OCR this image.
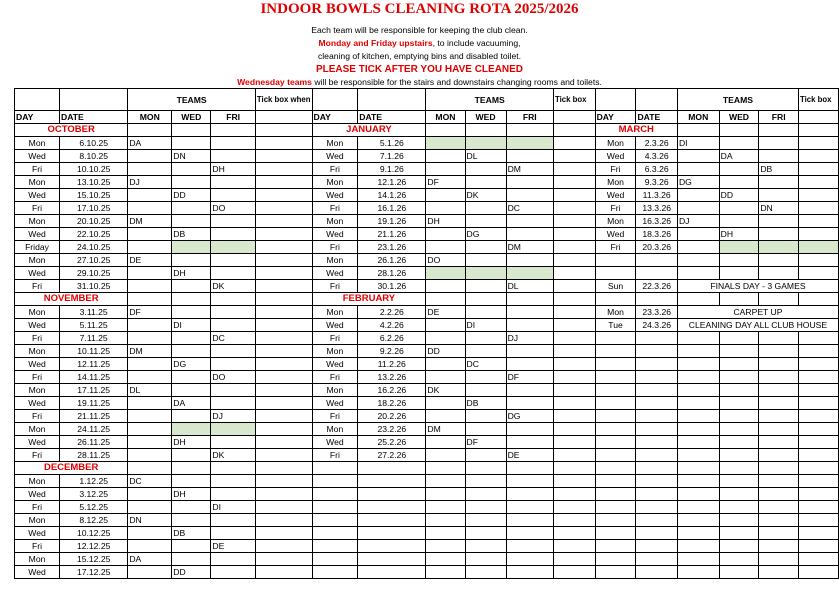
INDOOR BOWLS CLEANING ROTA 2025/2026
Each team will be responsible for keeping the club clean.
Monday and Friday upstairs, to include vacuuming,
cleaning of kitchen, emptying bins and disabled toilet.
PLEASE TICK AFTER YOU HAVE CLEANED
Wednesday teams will be responsible for the stairs and downstairs changing rooms and toilets.
		TEAMS			Tick box when			TEAMS			Tick box			TEAMS			Tick box
DAY	DATE	MON	WED	FRI		DAY	DATE	MON	WED	FRI		DAY	DATE	MON	WED	FRI	
OCTOBER						JANUARY						MARCH					
Mon	6.10.25	DA				Mon	5.1.26					Mon	2.3.26	DI			
Wed	8.10.25		DN			Wed	7.1.26		DL			Wed	4.3.26		DA		
Fri	10.10.25			DH		Fri	9.1.26			DM		Fri	6.3.26			DB	
Mon	13.10.25	DJ				Mon	12.1.26	DF				Mon	9.3.26	DG			
Wed	15.10.25		DD			Wed	14.1.26		DK			Wed	11.3.26		DD		
Fri	17.10.25			DO		Fri	16.1.26			DC		Fri	13.3.26			DN	
Mon	20.10.25	DM				Mon	19.1.26	DH				Mon	16.3.26	DJ			
Wed	22.10.25		DB			Wed	21.1.26		DG			Wed	18.3.26		DH		
Friday	24.10.25					Fri	23.1.26			DM		Fri	20.3.26				
Mon	27.10.25	DE				Mon	26.1.26	DO									
Wed	29.10.25		DH			Wed	28.1.26										
Fri	31.10.25			DK		Fri	30.1.26			DL		Sun	22.3.26	FINALS DAY - 3 GAMES			
NOVEMBER						FEBRUARY											
Mon	3.11.25	DF				Mon	2.2.26	DE				Mon	23.3.26	CARPET UP			
Wed	5.11.25		DI			Wed	4.2.26		DI			Tue	24.3.26	CLEANING DAY ALL CLUB HOUSE			
Fri	7.11.25			DC		Fri	6.2.26			DJ							
Mon	10.11.25	DM				Mon	9.2.26	DD									
Wed	12.11.25		DG			Wed	11.2.26		DC								
Fri	14.11.25			DO		Fri	13.2.26			DF							
Mon	17.11.25	DL				Mon	16.2.26	DK									
Wed	19.11.25		DA			Wed	18.2.26		DB								
Fri	21.11.25			DJ		Fri	20.2.26			DG							
Mon	24.11.25					Mon	23.2.26	DM									
Wed	26.11.25		DH			Wed	25.2.26		DF								
Fri	28.11.25			DK		Fri	27.2.26			DE							
DECEMBER																	
Mon	1.12.25	DC															
Wed	3.12.25		DH														
Fri	5.12.25			DI													
Mon	8.12.25	DN															
Wed	10.12.25		DB														
Fri	12.12.25			DE													
Mon	15.12.25	DA															
Wed	17.12.25		DD														
